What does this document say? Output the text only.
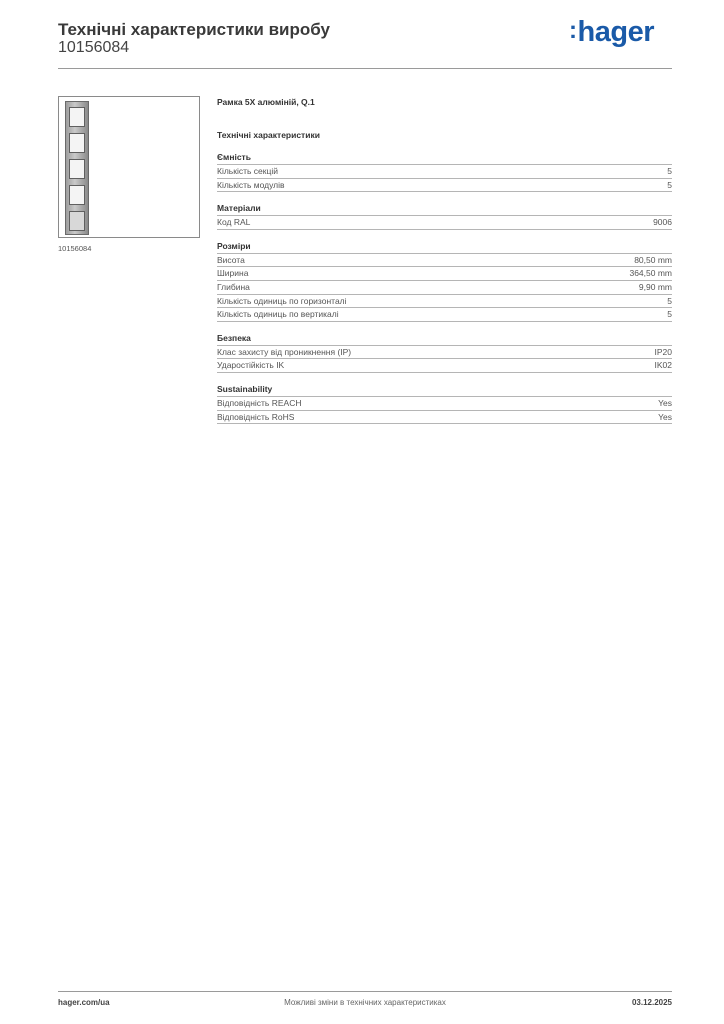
Технічні характеристики виробу
10156084
:hager
10156084
Рамка 5X алюміній, Q.1
Технічні характеристики
Ємність
Кількість секцій	5
Кількість модулів	5
Матеріали
Код RAL	9006
Розміри
Висота	80,50 mm
Ширина	364,50 mm
Глибина	9,90 mm
Кількість одиниць по горизонталі	5
Кількість одиниць по вертикалі	5
Безпека
Клас захисту від проникнення (IP)	IP20
Ударостійкість IK	IK02
Sustainability
Відповідність REACH	Yes
Відповідність RoHS	Yes
hager.com/ua	Можливі зміни в технічних характеристиках	03.12.2025
